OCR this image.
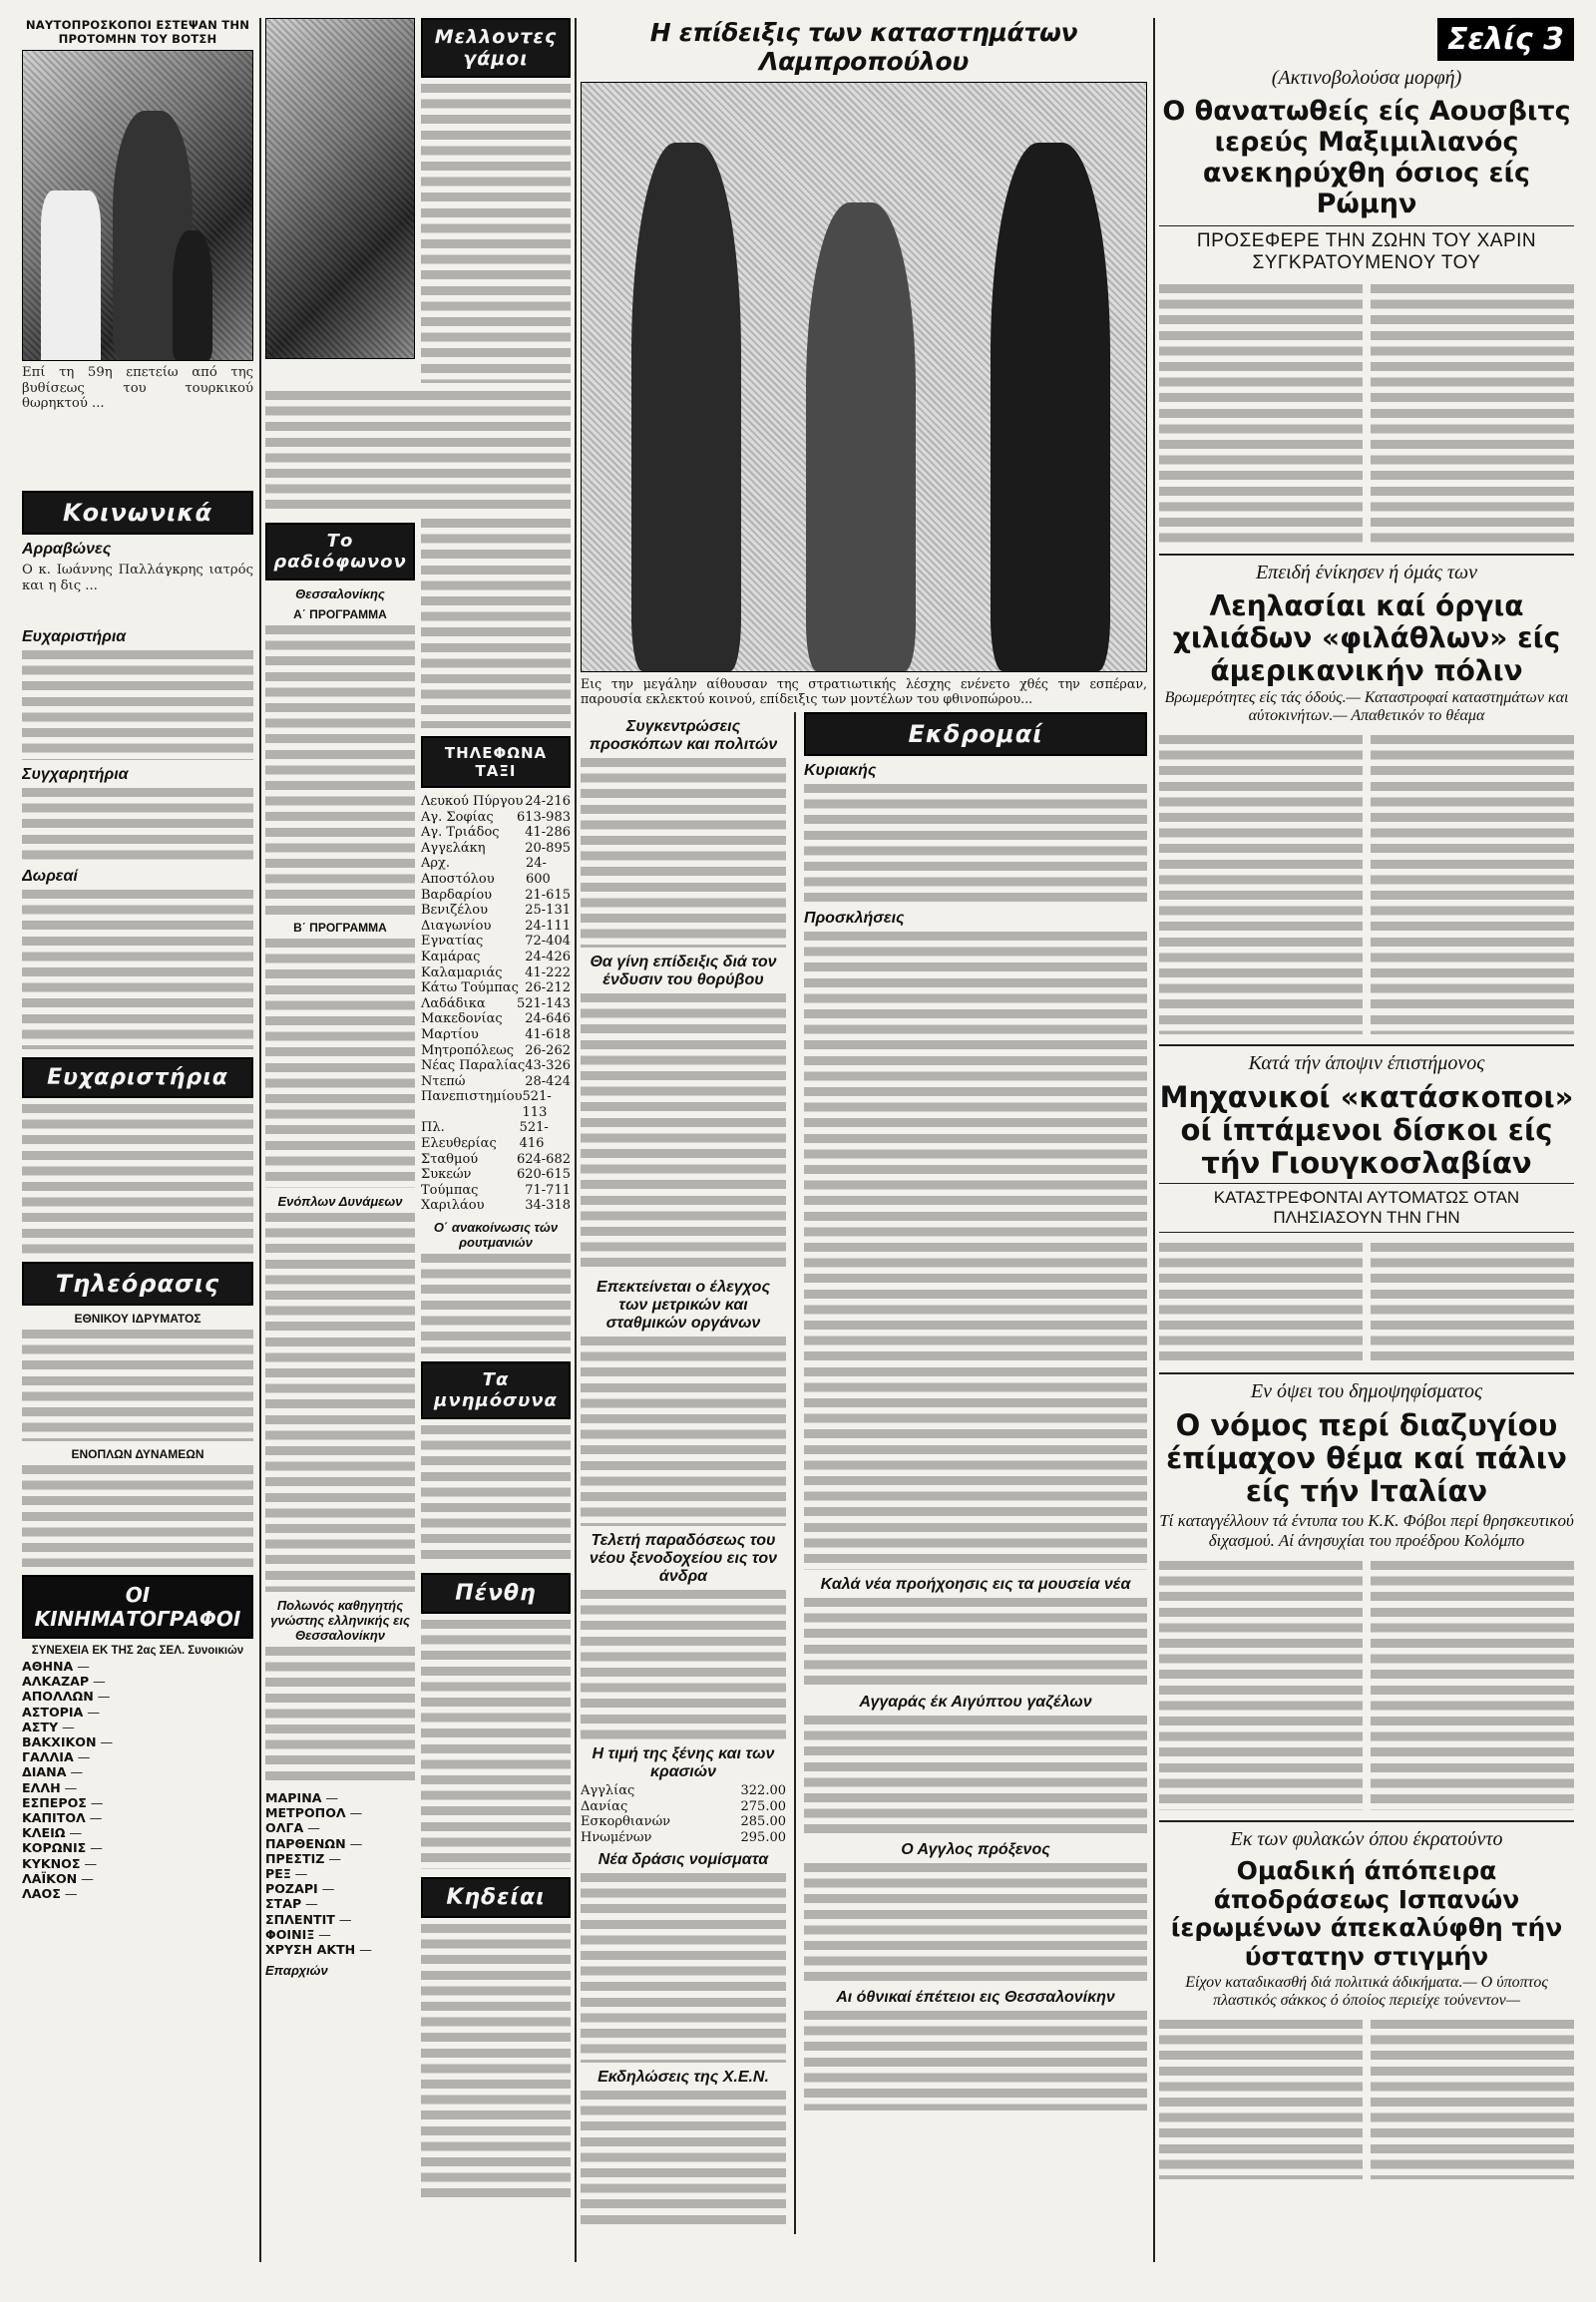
ΝΑΥΤΟΠΡΟΣΚΟΠΟΙ ΕΣΤΕΨΑΝ ΤΗΝ ΠΡΟΤΟΜΗΝ ΤΟΥ ΒΟΤΣΗ
Επί τη 59η επετείω από της βυθίσεως του τουρκικού θωρηκτού ...
Κοινωνικά
Αρραβώνες
Ο κ. Ιωάννης Παλλάγκρης ιατρός και η δις ...
Ευχαριστήρια
Συγχαρητήρια
Δωρεαί
Ευχαριστήρια
Τηλεόρασις
ΕΘΝΙΚΟΥ ΙΔΡΥΜΑΤΟΣ
ΕΝΟΠΛΩΝ ΔΥΝΑΜΕΩΝ
ΟΙ ΚΙΝΗΜΑΤΟΓΡΑΦΟΙ
ΣΥΝΕΧΕΙΑ ΕΚ ΤΗΣ 2ας ΣΕΛ. Συνοικιών
ΑΘΗΝΑ —
ΑΛΚΑΖΑΡ —
ΑΠΟΛΛΩΝ —
ΑΣΤΟΡΙΑ —
ΑΣΤΥ —
ΒΑΚΧΙΚΟΝ —
ΓΑΛΛΙΑ —
ΔΙΑΝΑ —
ΕΛΛΗ —
ΕΣΠΕΡΟΣ —
ΚΑΠΙΤΟΛ —
ΚΛΕΙΩ —
ΚΟΡΩΝΙΣ —
ΚΥΚΝΟΣ —
ΛΑΪΚΟΝ —
ΛΑΟΣ —
Μελλοντες γάμοι
Το ραδιόφωνον
Θεσσαλονίκης
Α΄ ΠΡΟΓΡΑΜΜΑ
Β΄ ΠΡΟΓΡΑΜΜΑ
Ενόπλων Δυνάμεων
Πολωνός καθηγητής γνώστης ελληνικής εις Θεσσαλονίκην
ΜΑΡΙΝΑ —
ΜΕΤΡΟΠΟΛ —
ΟΛΓΑ —
ΠΑΡΘΕΝΩΝ —
ΠΡΕΣΤΙΖ —
ΡΕΞ —
ΡΟΖΑΡΙ —
ΣΤΑΡ —
ΣΠΛΕΝΤΙΤ —
ΦΟΙΝΙΞ —
ΧΡΥΣΗ ΑΚΤΗ —
Επαρχιών
ΤΗΛΕΦΩΝΑ ΤΑΞΙ
Λευκού Πύργου 24-216
Αγ. Σοφίας 613-983
Αγ. Τριάδος 41-286
Αγγελάκη	20-895
Αρχ. Αποστόλου
24-600
Βαρδαρίου	21-615
Βενιζέλου	25-131
Διαγωνίου	24-111
Εγνατίας	72-404
Καμάρας	24-426
Καλαμαριάς 41-222
Κάτω Τούμπας 26-212
Λαδάδικα 521-143
Μακεδονίας 24-646
Μαρτίου	41-618
Μητροπόλεως 26-262
Νέας Παραλίας 43-326
Ντεπώ	28-424
Πανεπιστημίου 521-113
Πλ. Ελευθερίας
521-416
Σταθμού	624-682
Συκεών	620-615
Τούμπας	71-711
Χαριλάου	34-318
Ο΄ ανακοίνωσις τών ρουτμανιών
Τα μνημόσυνα
Πένθη
Κηδείαι
Η επίδειξις των καταστημάτων Λαμπροπούλου
Εις την μεγάλην αίθουσαν της στρατιωτικής λέσχης ενένετο χθές την εσπέραν, παρουσία εκλεκτού κοινού, επίδειξις των μοντέλων του φθινοπώρου...
Συγκεντρώσεις προσκόπων και πολιτών
Θα γίνη επίδειξις διά τον ένδυσιν του θορύβου
Επεκτείνεται ο έλεγχος των μετρικών και σταθμικών οργάνων
Τελετή παραδόσεως του νέου ξενοδοχείου εις τον άνδρα
Η τιμή της ξένης και των κρασιών
Αγγλίας	322.00
Δανίας	275.00
Εσκορθιανών	285.00
Ηνωμένων	295.00
Νέα δράσις νομίσματα
Εκδηλώσεις της Χ.Ε.Ν.
Εκδρομαί
Κυριακής
Προσκλήσεις
Καλά νέα προήχοησις εις τα μουσεία νέα
Αγγαράς έκ Αιγύπτου γαζέλων
Ο Αγγλος πρόξενος
Αι όθνικαί έπέτειοι εις Θεσσαλονίκην
Σελίς 3
(Ακτινοβολούσα μορφή)
Ο θανατωθείς είς Αουσβιτς ιερεύς Μαξιμιλιανός ανεκηρύχθη όσιος είς Ρώμην
ΠΡΟΣΕΦΕΡΕ ΤΗΝ ΖΩΗΝ ΤΟΥ ΧΑΡΙΝ ΣΥΓΚΡΑΤΟΥΜΕΝΟΥ ΤΟΥ
Επειδή ένίκησεν ή όμάς των
Λεηλασίαι καί όργια χιλιάδων «φιλάθλων» είς άμερικανικήν πόλιν
Βρωμερότητες είς τάς όδούς.— Καταστροφαί καταστημάτων και αύτοκινήτων.— Απαθετικόν το θέαμα
Κατά τήν άποψιν έπιστήμονος
Μηχανικοί «κατάσκοποι» οί ίπτάμενοι δίσκοι είς τήν Γιουγκοσλαβίαν
ΚΑΤΑΣΤΡΕΦΟΝΤΑΙ ΑΥΤΟΜΑΤΩΣ ΟΤΑΝ ΠΛΗΣΙΑΣΟΥΝ ΤΗΝ ΓΗΝ
Εν όψει του δημοψηφίσματος
Ο νόμος περί διαζυγίου έπίμαχον θέμα καί πάλιν είς τήν Ιταλίαν
Τί καταγγέλλουν τά έντυπα του Κ.Κ. Φόβοι περί θρησκευτικού διχασμού. Αί άνησυχίαι του προέδρου Κολόμπο
Εκ των φυλακών όπου έκρατούντο
Ομαδική άπόπειρα άποδράσεως Ισπανών ίερωμένων άπεκαλύφθη τήν ύστατην στιγμήν
Είχον καταδικασθή διά πολιτικά άδικήματα.— Ο ύποπτος πλαστικός σάκκος ό όποίος περιείχε τούνεντον—
